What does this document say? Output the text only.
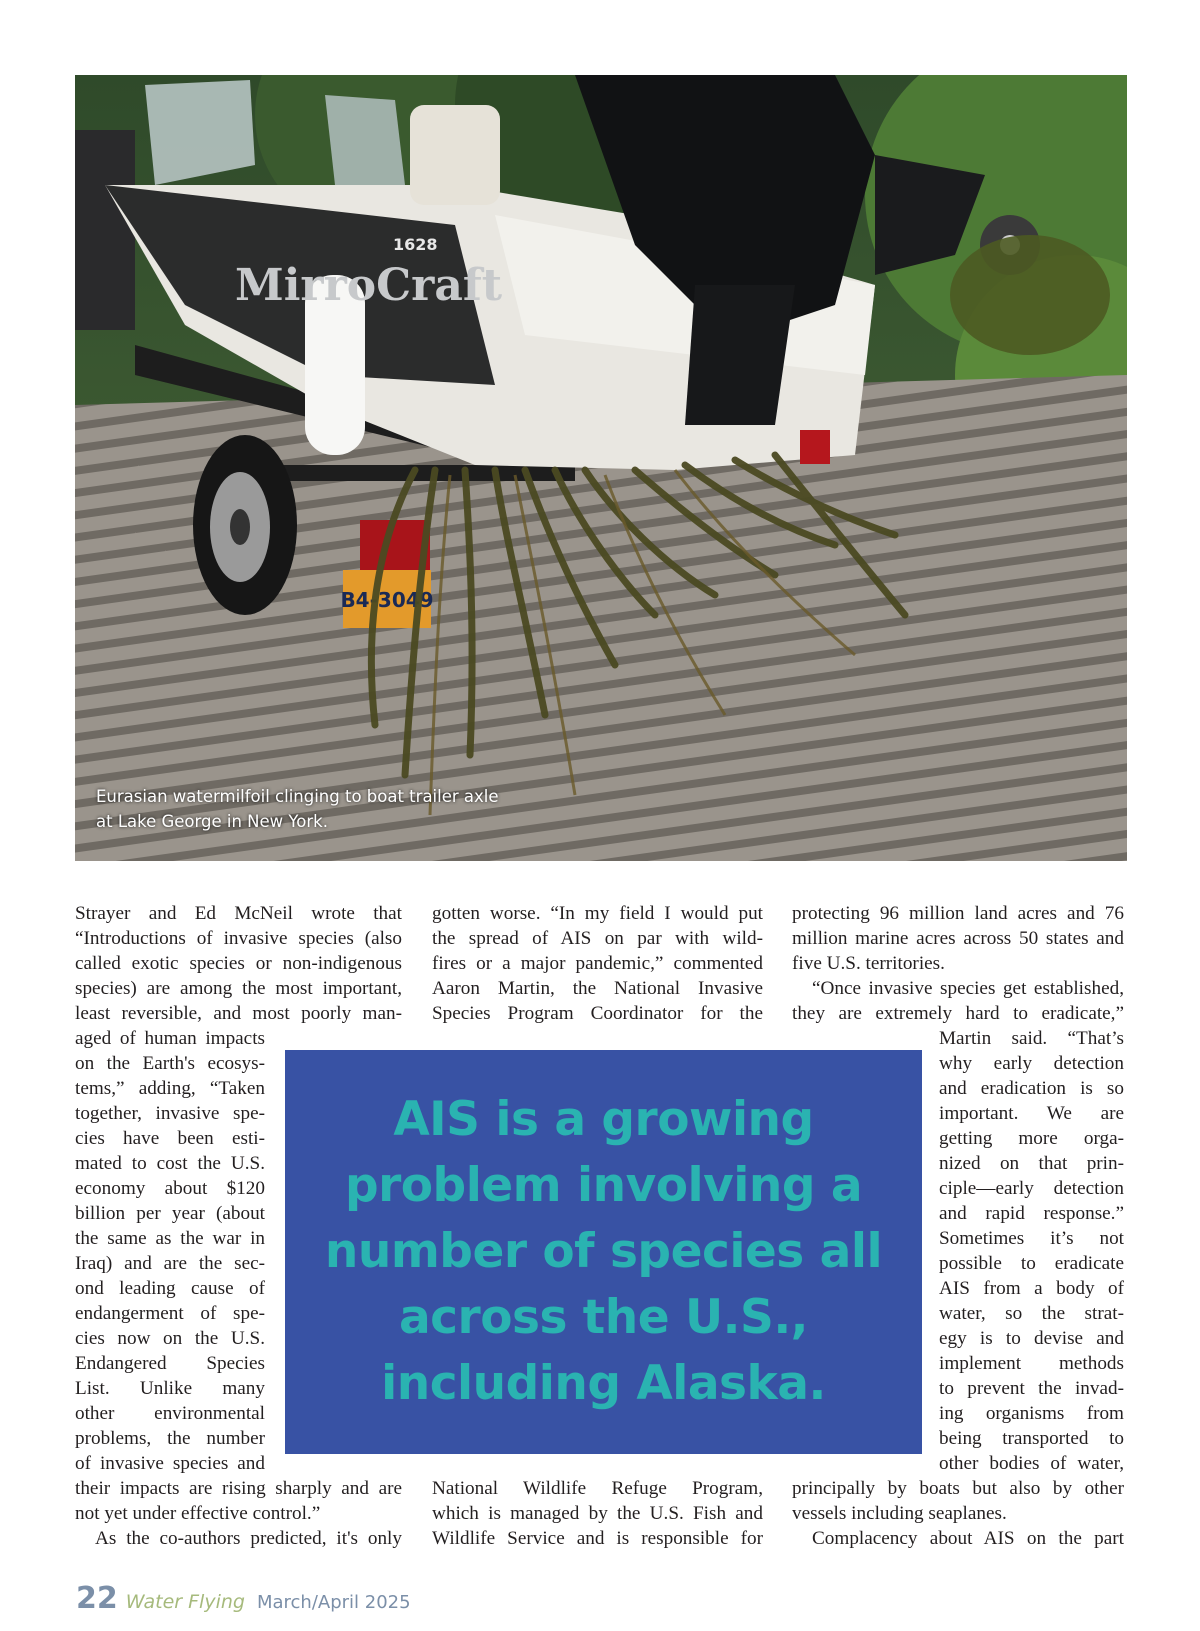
B4-3049
MirroCraft
1628
Eurasian watermilfoil clinging to boat trailer axle at Lake George in New York.
Strayer and Ed McNeil wrote that
“Introductions of invasive species (also
called exotic species or non-indigenous
species) are among the most important,
least reversible, and most poorly man-
aged of human impacts
on the Earth's ecosys-
tems,” adding, “Taken
together, invasive spe-
cies have been esti-
mated to cost the U.S.
economy about $120
billion per year (about
the same as the war in
Iraq) and are the sec-
ond leading cause of
endangerment of spe-
cies now on the U.S.
Endangered Species
List. Unlike many
other environmental
problems, the number
of invasive species and
their impacts are rising sharply and are
not yet under effective control.”
As the co-authors predicted, it's only
gotten worse. “In my field I would put
the spread of AIS on par with wild-
fires or a major pandemic,” commented
Aaron Martin, the National Invasive
Species Program Coordinator for the
National Wildlife Refuge Program,
which is managed by the U.S. Fish and
Wildlife Service and is responsible for
protecting 96 million land acres and 76
million marine acres across 50 states and
five U.S. territories.
“Once invasive species get established,
they are extremely hard to eradicate,”
Martin said. “That’s
why early detection
and eradication is so
important. We are
getting more orga-
nized on that prin-
ciple—early detection
and rapid response.”
Sometimes it’s not
possible to eradicate
AIS from a body of
water, so the strat-
egy is to devise and
implement methods
to prevent the invad-
ing organisms from
being transported to
other bodies of water,
principally by boats but also by other
vessels including seaplanes.
Complacency about AIS on the part

AIS is a growing problem involving a number of species all across the U.S., including Alaska.

22 Water Flying March/April 2025
